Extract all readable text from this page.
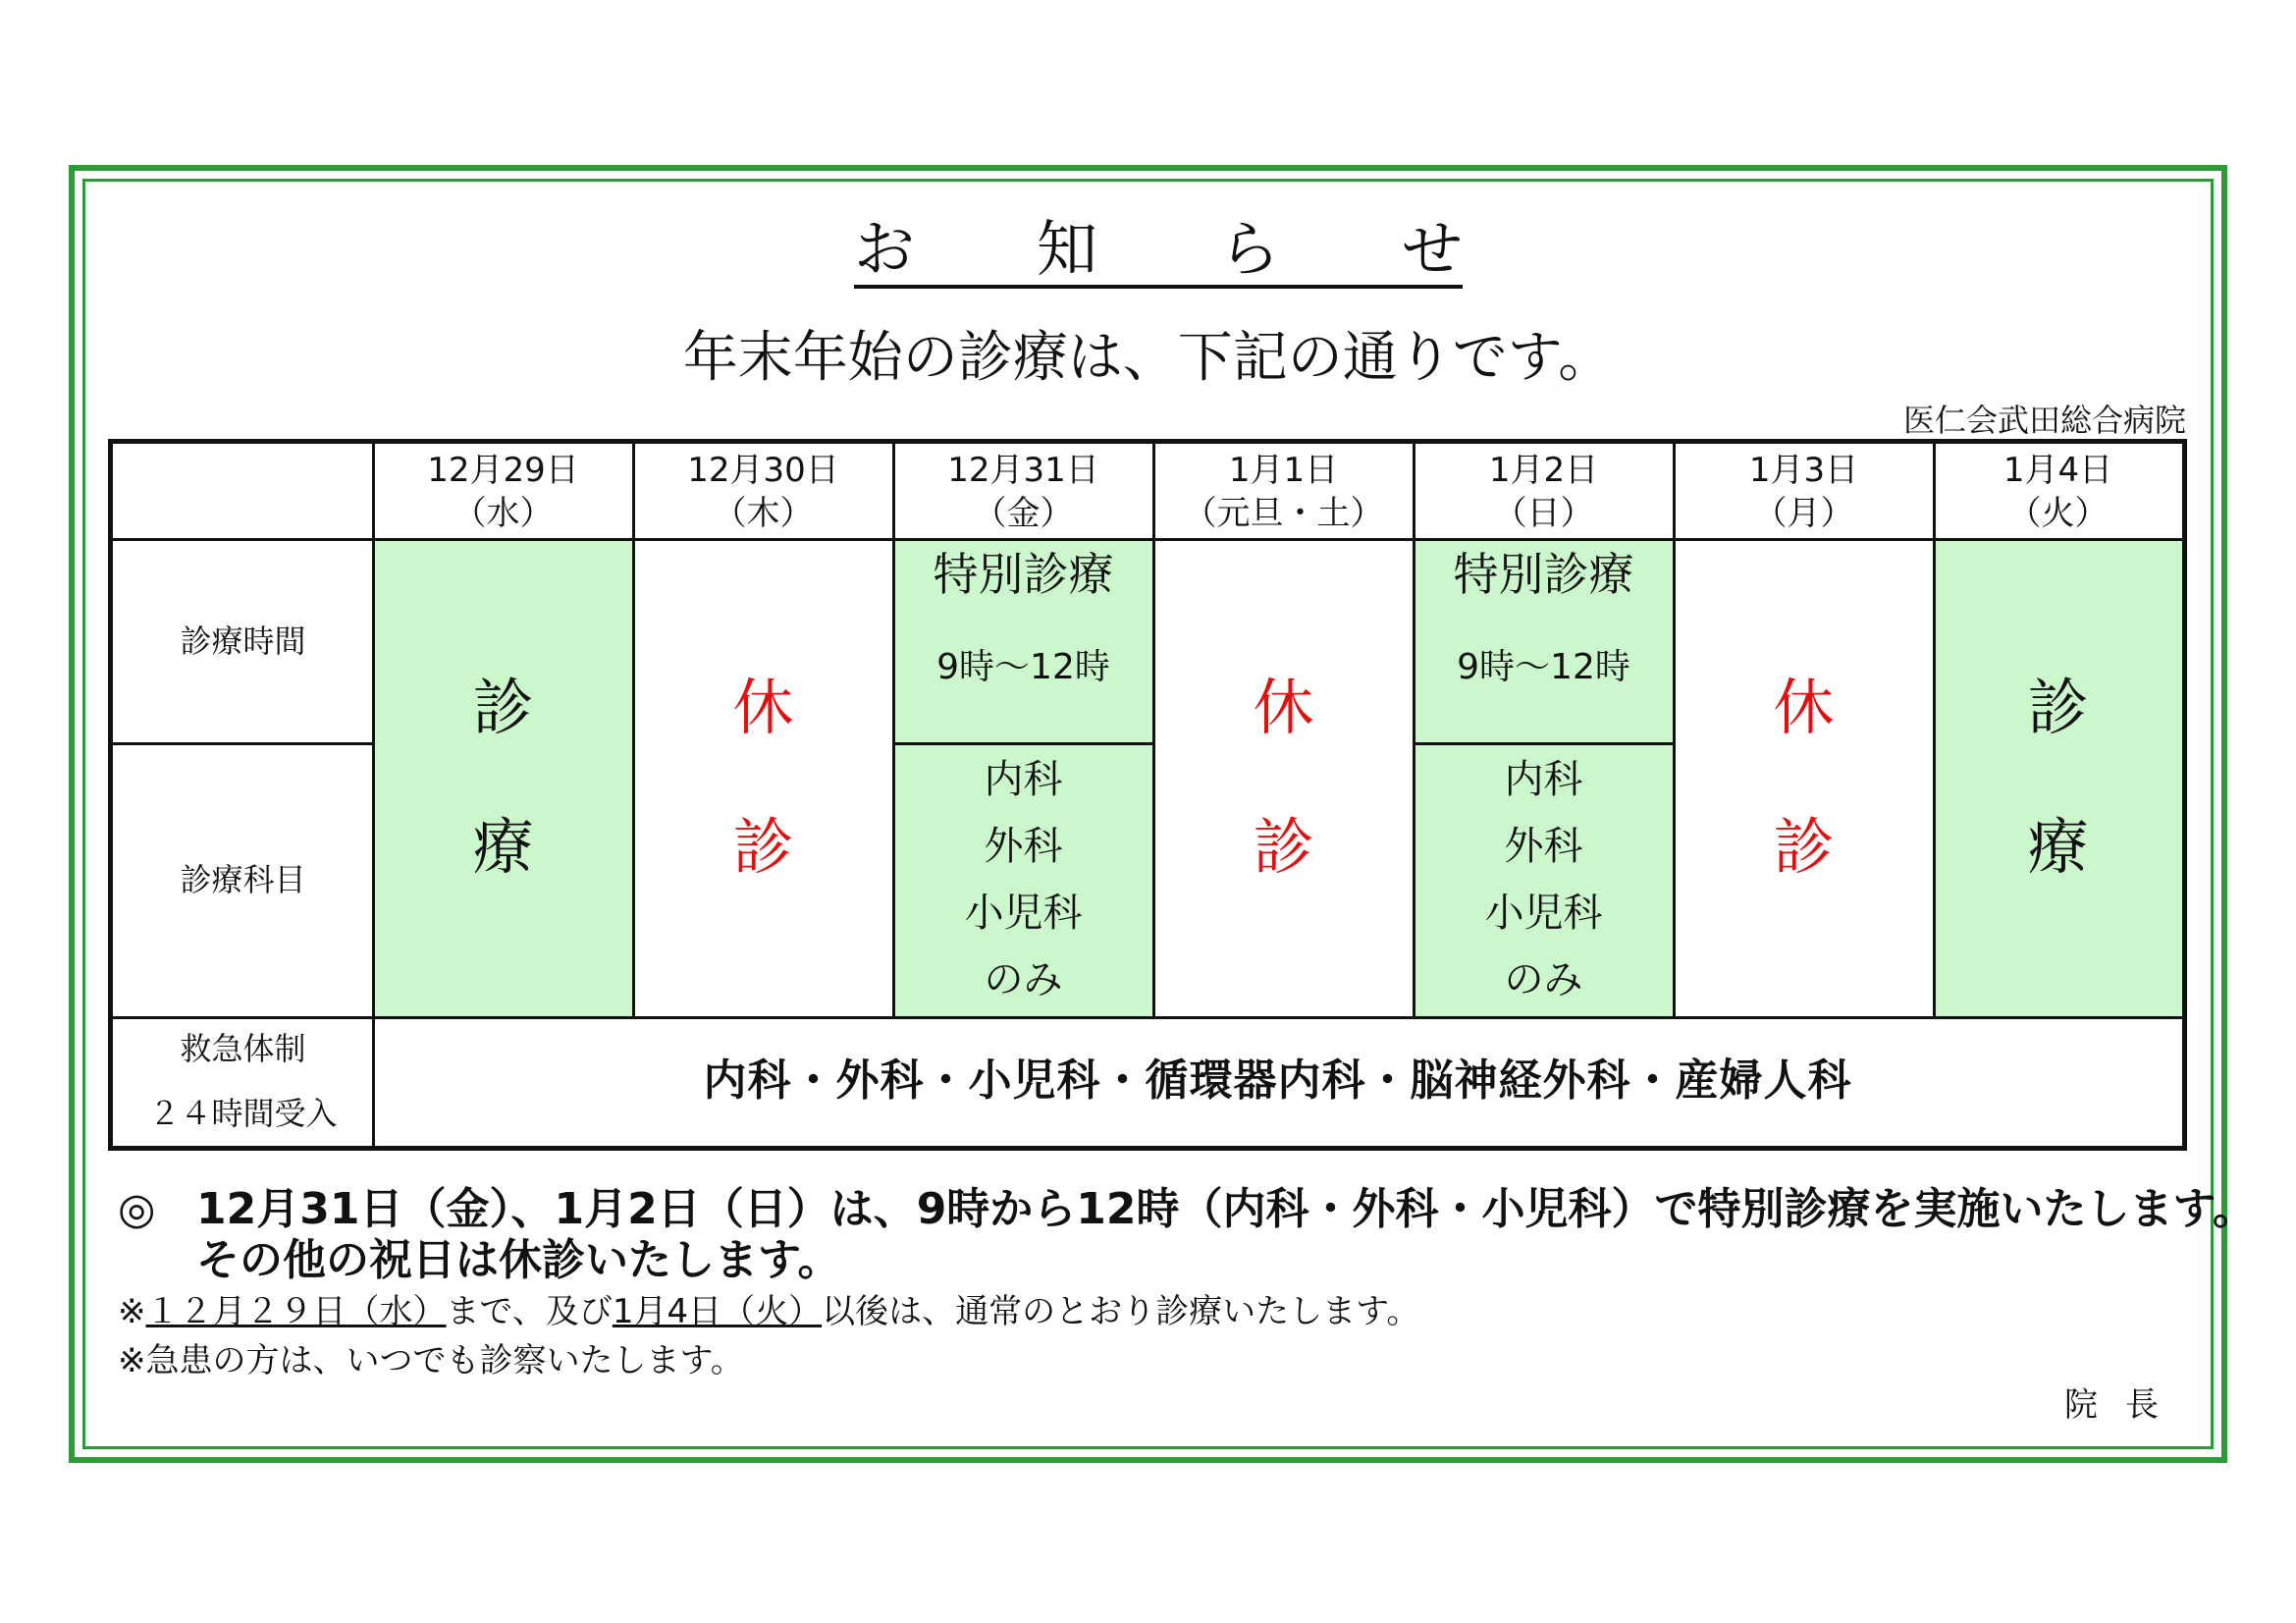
お 知 ら せ
年末年始の診療は、下記の通りです。
医仁会武田総合病院
診
療
休
診
特別診療
9時～12時
内科
外科
小児科
のみ
休
診
特別診療
9時～12時
内科
外科
小児科
のみ
休
診
診
療
12月29日
（水）
12月30日
（木）
12月31日
（金）
1月1日
（元旦・土）
1月2日
（日）
1月3日
（月）
1月4日
（火）
診療時間
診療科目
救急体制
２４時間受入
内科・外科・小児科・循環器内科・脳神経外科・産婦人科
◎ 12月31日（金）、1月2日（日）は、9時から12時（内科・外科・小児科）で特別診療を実施いたします。
その他の祝日は休診いたします。
※１２月２９日（水）まで、及び1月4日（火）以後は、通常のとおり診療いたします。
※急患の方は、いつでも診察いたします。
院長
